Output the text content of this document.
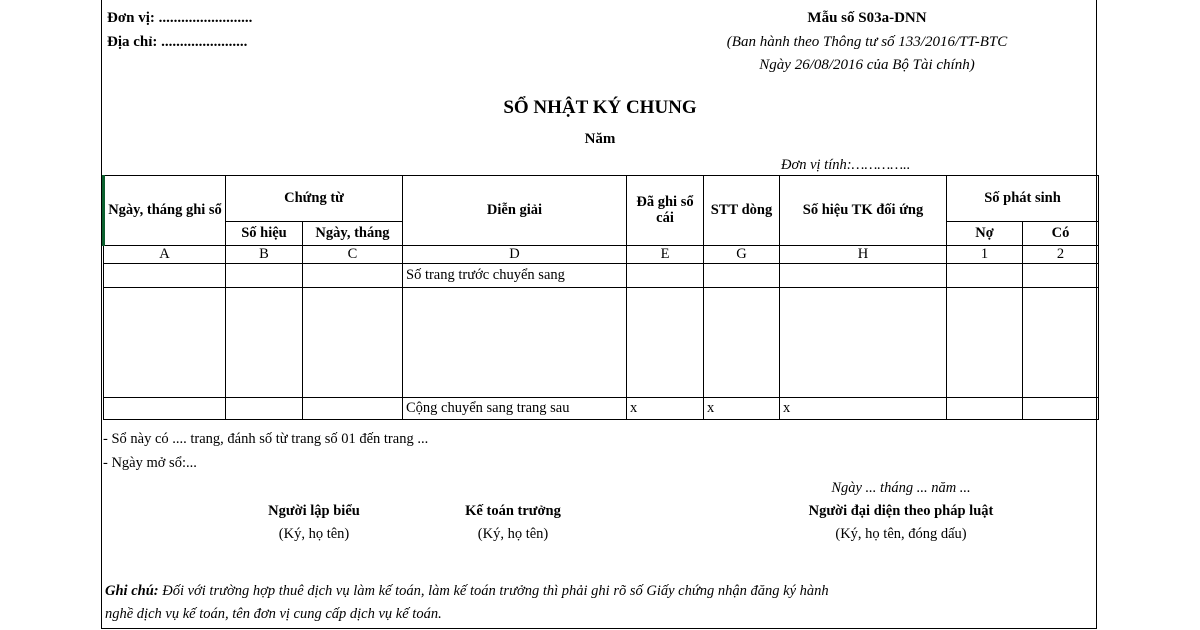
Đơn vị: .........................
Địa chỉ: .......................
Mẫu số S03a-DNN
(Ban hành theo Thông tư số 133/2016/TT-BTC
Ngày 26/08/2016 của Bộ Tài chính)
SỔ NHẬT KÝ CHUNG
Năm
Đơn vị tính:…………..
Ngày, tháng ghi sổ	Chứng từ		Diễn giải	Đã ghi sổ cái	STT dòng	Số hiệu TK đối ứng	Số phát sinh	
	Số hiệu	Ngày, tháng					Nợ	Có
A	B	C	D	E	G	H	1	2
			Số trang trước chuyển sang					

			Cộng chuyển sang trang sau	x	x	x		
- Sổ này có .... trang, đánh số từ trang số 01 đến trang ...
- Ngày mở sổ:...
Ngày ... tháng ... năm ...
Người lập biểu
(Ký, họ tên)
Kế toán trưởng
(Ký, họ tên)
Người đại diện theo pháp luật
(Ký, họ tên, đóng dấu)
Ghi chú: Đối với trường hợp thuê dịch vụ làm kế toán, làm kế toán trưởng thì phải ghi rõ số Giấy chứng nhận đăng ký hành
nghề dịch vụ kế toán, tên đơn vị cung cấp dịch vụ kế toán.
